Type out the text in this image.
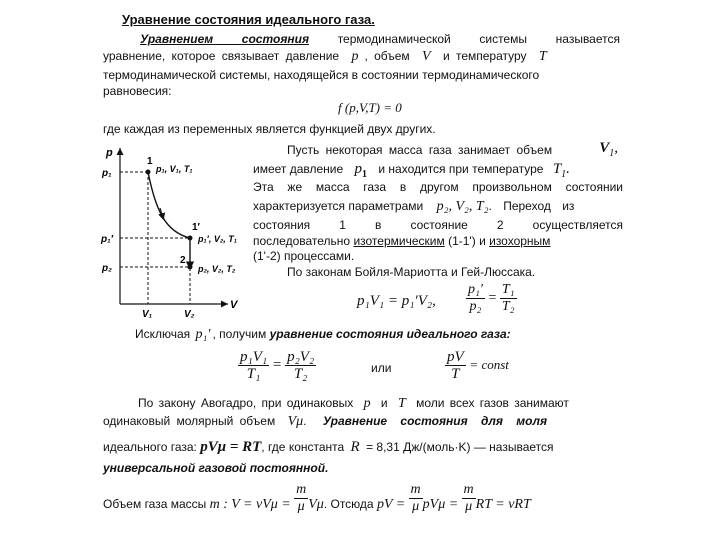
Уравнение состояния идеального газа.
Уравнением состояния термодинамической системы называется
уравнение, которое связывает давление p , объем V и температуру T
термодинамической системы, находящейся в состоянии термодинамического
равновесия:
f (p,V,T) = 0
где каждая из переменных является функцией двух других.
p
V
p₁
p₁′
p₂
V₁	V₂
1
1′
2
p₁, V₁, T₁
p₁′, V₂, T₁
p₂, V₂, T₂
Пусть некоторая масса газа занимает объем	$V_1$,
имеет давление $p_1$ и находится при температуре $T_1$.
Эта же масса газа в другом произвольном состоянии
характеризуется параметрами p₂, V₂, T₂. Переход из
состояния 1 в состояние 2 осуществляется
последовательно изотермическим (1-1') и изохорным
(1'-2) процессами.
По законам Бойля-Мариотта и Гей-Люссака.
p₁V₁ = p₁′V₂, $\frac{\text{p₁′}}{\text{p₂}} = \frac{\text{T₁}}{\text{T₂}}$
Исключая p₁′ , получим уравнение состояния идеального газа:
$\frac{\text{p₁V₁}}{\text{T₁}} = \frac{\text{p₂V₂}}{\text{T₂}}$	или	$\frac{pV}{T}$ = const
По закону Авогадро, при одинаковых p и T моли всех газов занимают
одинаковый молярный объем Vμ. Уравнение состояния для моля
идеального газа: pVμ = RT, где константа R = 8,31 Дж/(моль·K) — называется
универсальной газовой постоянной.
Объем газа массы m : $V = \nu V\mu = \frac{m}{\mu} V\mu$. Отсюда pV = $\frac{m}{\mu}$ $pV\mu = \frac{m}{\mu}$ RT = νRT
